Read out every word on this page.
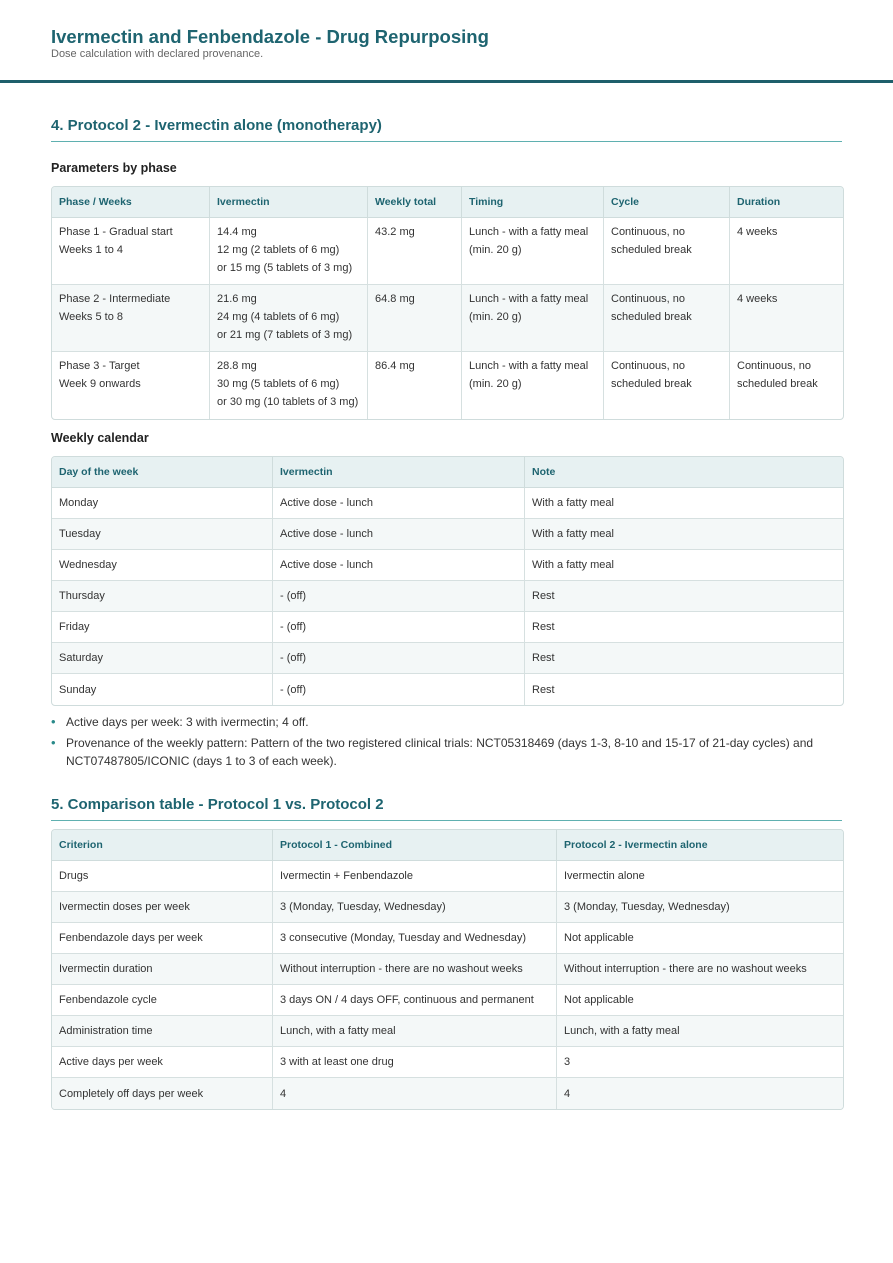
Ivermectin and Fenbendazole - Drug Repurposing
Dose calculation with declared provenance.
4. Protocol 2 - Ivermectin alone (monotherapy)
Parameters by phase
Phase / Weeks	Ivermectin	Weekly total	Timing	Cycle	Duration

Phase 1 - Gradual start
Weeks 1 to 4	14.4 mg
12 mg (2 tablets of 6 mg)
or 15 mg (5 tablets of 3 mg)	43.2 mg	Lunch - with a fatty meal
(min. 20 g)	Continuous, no
scheduled break	4 weeks

Phase 2 - Intermediate
Weeks 5 to 8	21.6 mg
24 mg (4 tablets of 6 mg)
or 21 mg (7 tablets of 3 mg)	64.8 mg	Lunch - with a fatty meal
(min. 20 g)	Continuous, no
scheduled break	4 weeks

Phase 3 - Target
Week 9 onwards	28.8 mg
30 mg (5 tablets of 6 mg)
or 30 mg (10 tablets of 3 mg)	86.4 mg	Lunch - with a fatty meal
(min. 20 g)	Continuous, no
scheduled break	Continuous, no
scheduled break
Weekly calendar
Day of the week	Ivermectin	Note
Monday	Active dose - lunch	With a fatty meal
Tuesday	Active dose - lunch	With a fatty meal
Wednesday	Active dose - lunch	With a fatty meal
Thursday	- (off)	Rest
Friday	- (off)	Rest
Saturday	- (off)	Rest
Sunday	- (off)	Rest
• Active days per week: 3 with ivermectin; 4 off.
• Provenance of the weekly pattern: Pattern of the two registered clinical trials: NCT05318469 (days 1-3, 8-10 and 15-17 of 21-day cycles) and NCT07487805/ICONIC (days 1 to 3 of each week).
5. Comparison table - Protocol 1 vs. Protocol 2
Criterion	Protocol 1 - Combined	Protocol 2 - Ivermectin alone
Drugs	Ivermectin + Fenbendazole	Ivermectin alone
Ivermectin doses per week	3 (Monday, Tuesday, Wednesday)	3 (Monday, Tuesday, Wednesday)
Fenbendazole days per week	3 consecutive (Monday, Tuesday and Wednesday)	Not applicable
Ivermectin duration	Without interruption - there are no washout weeks	Without interruption - there are no washout weeks
Fenbendazole cycle	3 days ON / 4 days OFF, continuous and permanent	Not applicable
Administration time	Lunch, with a fatty meal	Lunch, with a fatty meal
Active days per week	3 with at least one drug	3
Completely off days per week	4	4
